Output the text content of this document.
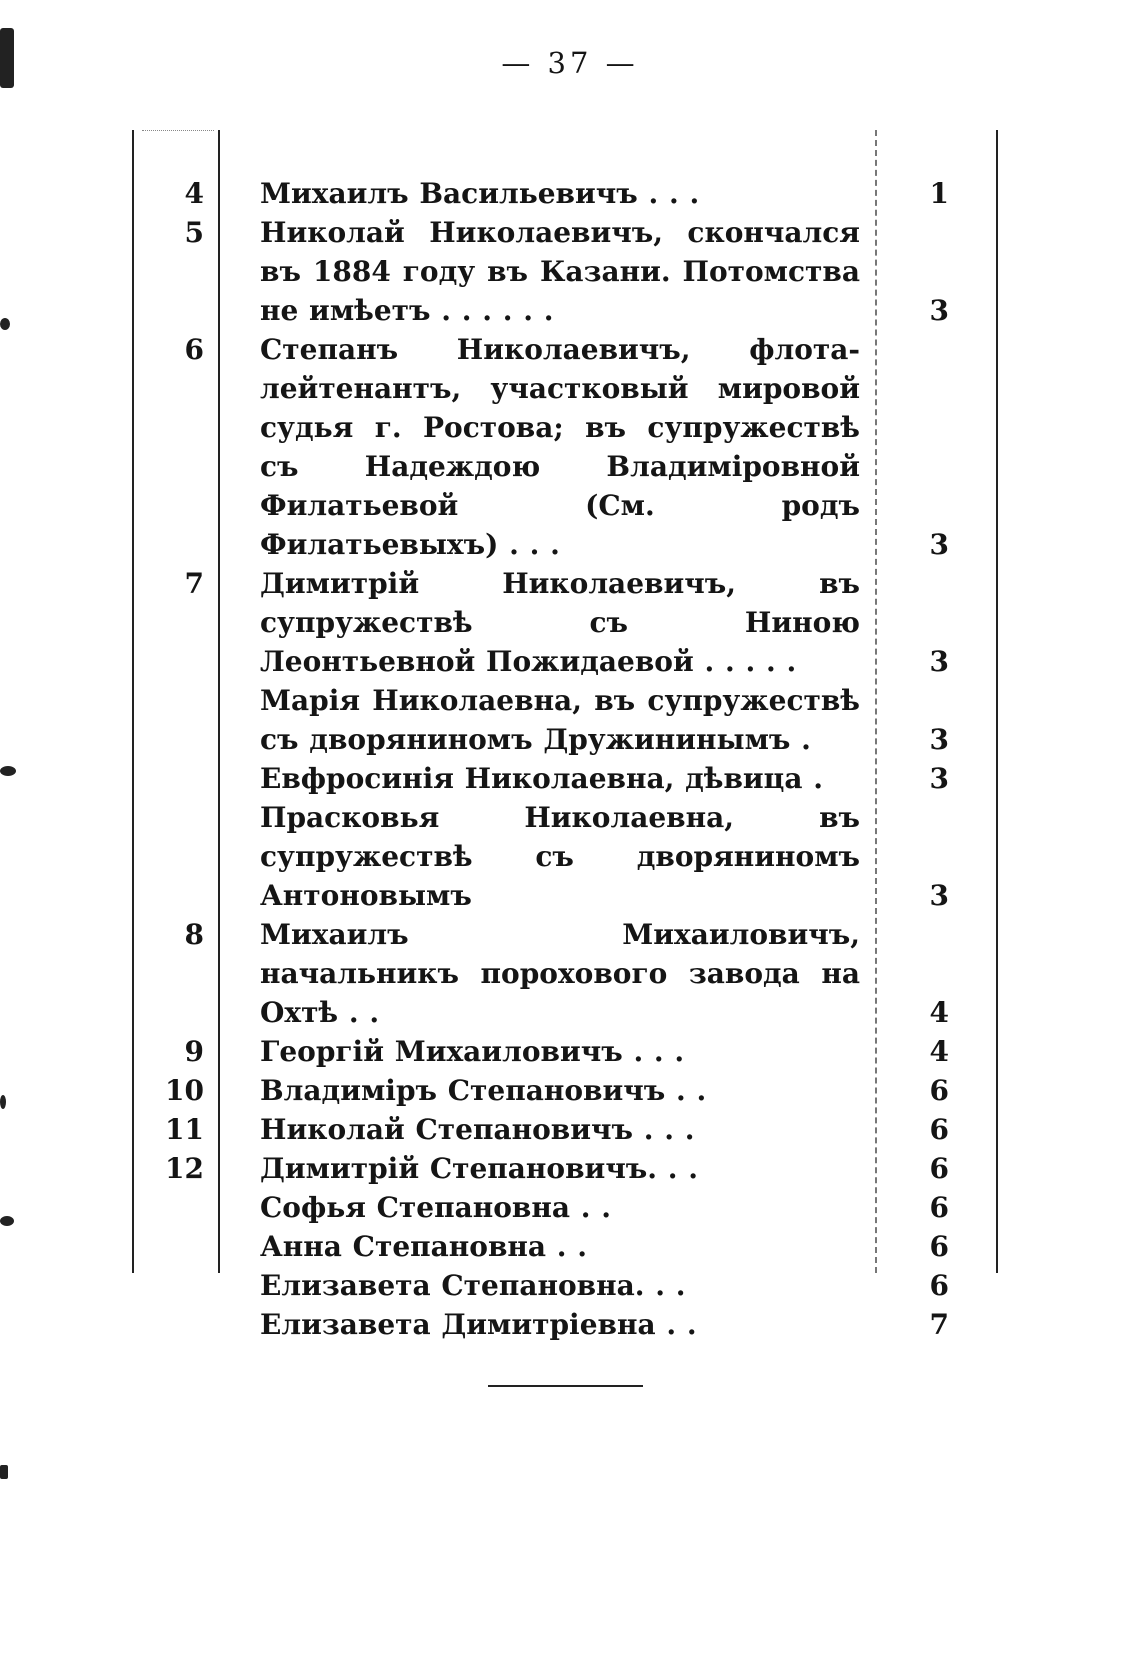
— 37 —
4 Михаилъ Васильевичъ . . .	1
5 Николай Николаевичъ, скончался въ 1884 году въ Казани. Потомства не имѣетъ . . . . . .	3
6 Степанъ Николаевичъ, флота-лейтенантъ, участковый мировой судья г. Ростова; въ супружествѣ съ Надеждою Владиміровной Филатьевой (См. родъ Филатьевыхъ) . . .	3
7 Димитрій Николаевичъ, въ супружествѣ съ Ниною Леонтьевной Пожидаевой . . . . .	3
Марія Николаевна, въ супружествѣ съ дворяниномъ Дружининымъ .	3
Евфросинія Николаевна, дѣвица .	3
Прасковья Николаевна, въ супружествѣ съ дворяниномъ Антоновымъ	3
8 Михаилъ Михаиловичъ, начальникъ порохового завода на Охтѣ . .	4
9 Георгій Михаиловичъ . . .	4
10 Владиміръ Степановичъ . .	6
11 Николай Степановичъ . . .	6
12 Димитрій Степановичъ. . .	6
Софья Степановна . .	6
Анна Степановна . .	6
Елизавета Степановна. . .	6
Елизавета Димитріевна . .	7
